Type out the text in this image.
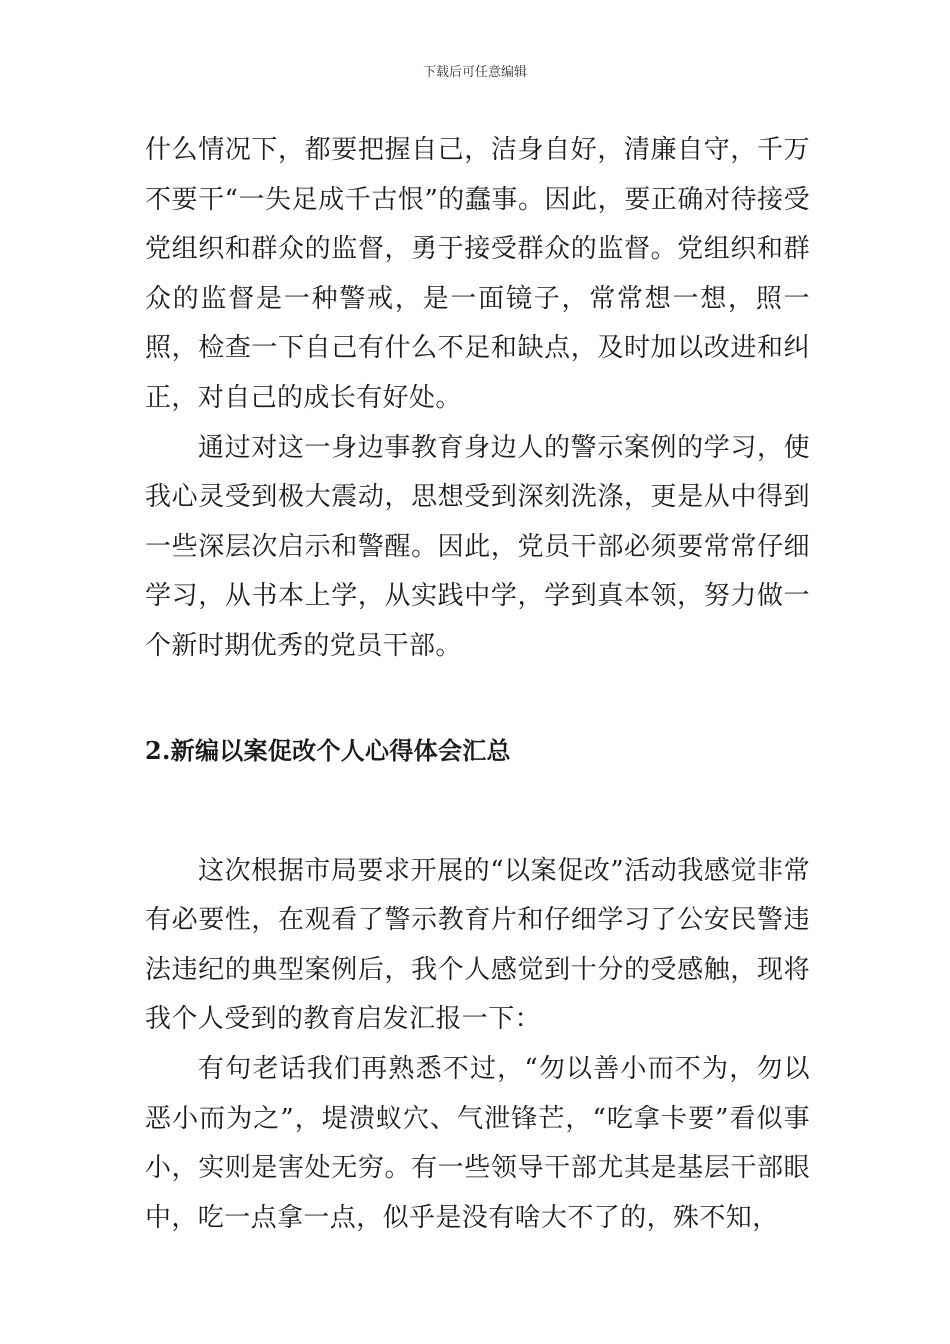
下载后可任意编辑

什么情况下，都要把握自己，洁身自好，清廉自守，千万不要干“一失足成千古恨”的蠢事。因此，要正确对待接受党组织和群众的监督，勇于接受群众的监督。党组织和群众的监督是一种警戒，是一面镜子，常常想一想，照一照，检查一下自己有什么不足和缺点，及时加以改进和纠正，对自己的成长有好处。

通过对这一身边事教育身边人的警示案例的学习，使我心灵受到极大震动，思想受到深刻洗涤，更是从中得到一些深层次启示和警醒。因此，党员干部必须要常常仔细学习，从书本上学，从实践中学，学到真本领，努力做一个新时期优秀的党员干部。

2.新编以案促改个人心得体会汇总

这次根据市局要求开展的“以案促改”活动我感觉非常有必要性，在观看了警示教育片和仔细学习了公安民警违法违纪的典型案例后，我个人感觉到十分的受感触，现将我个人受到的教育启发汇报一下：

有句老话我们再熟悉不过，“勿以善小而不为，勿以恶小而为之”，堤溃蚁穴、气泄锋芒，“吃拿卡要”看似事小，实则是害处无穷。有一些领导干部尤其是基层干部眼中，吃一点拿一点，似乎是没有啥大不了的，殊不知，
